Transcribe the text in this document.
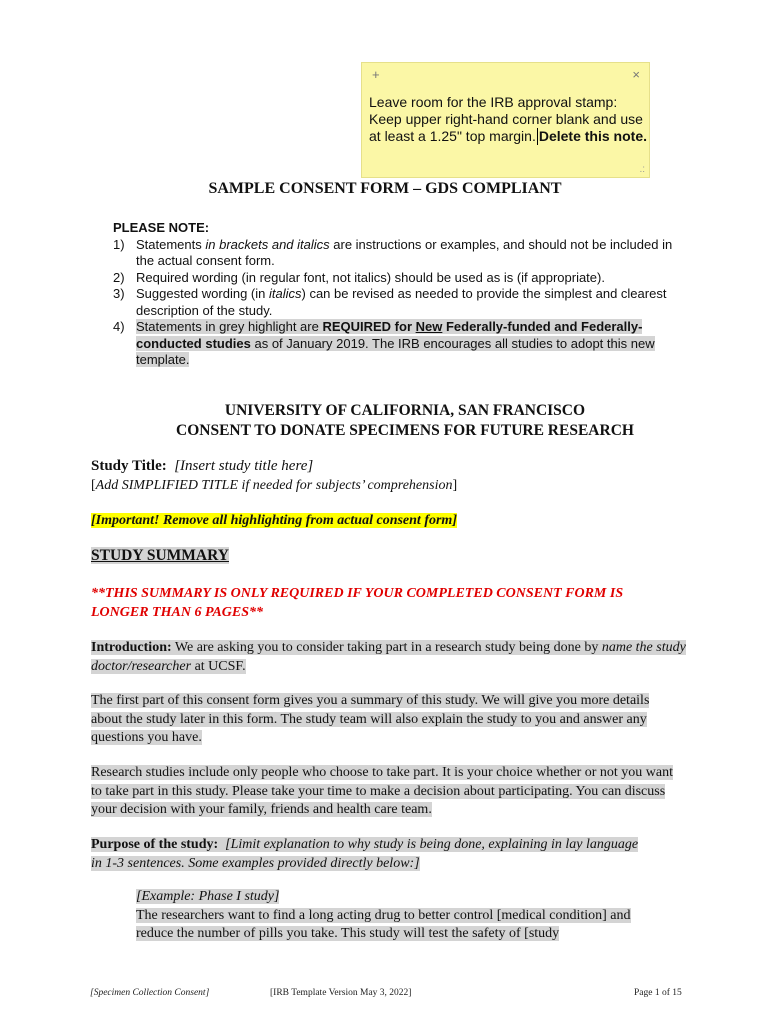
+	×
Leave room for the IRB approval stamp:
Keep upper right-hand corner blank and use
at least a 1.25" top margin. Delete this note.
.:
SAMPLE CONSENT FORM – GDS COMPLIANT
PLEASE NOTE:
1) Statements in brackets and italics are instructions or examples, and should not be included in the actual consent form.
2) Required wording (in regular font, not italics) should be used as is (if appropriate).
3) Suggested wording (in italics) can be revised as needed to provide the simplest and clearest description of the study.
4) Statements in grey highlight are REQUIRED for New Federally-funded and Federally-conducted studies as of January 2019. The IRB encourages all studies to adopt this new template.
UNIVERSITY OF CALIFORNIA, SAN FRANCISCO
CONSENT TO DONATE SPECIMENS FOR FUTURE RESEARCH
Study Title: [Insert study title here]
[Add SIMPLIFIED TITLE if needed for subjects’ comprehension]
[Important! Remove all highlighting from actual consent form]
STUDY SUMMARY
**THIS SUMMARY IS ONLY REQUIRED IF YOUR COMPLETED CONSENT FORM IS LONGER THAN 6 PAGES**
Introduction: We are asking you to consider taking part in a research study being done by name the study doctor/researcher at UCSF.
The first part of this consent form gives you a summary of this study. We will give you more details about the study later in this form. The study team will also explain the study to you and answer any questions you have.
Research studies include only people who choose to take part. It is your choice whether or not you want to take part in this study. Please take your time to make a decision about participating. You can discuss your decision with your family, friends and health care team.
Purpose of the study: [Limit explanation to why study is being done, explaining in lay language in 1-3 sentences. Some examples provided directly below:]
[Example: Phase I study]
The researchers want to find a long acting drug to better control [medical condition] and
reduce the number of pills you take. This study will test the safety of [study
[Specimen Collection Consent]	[IRB Template Version May 3, 2022]	Page 1 of 15
